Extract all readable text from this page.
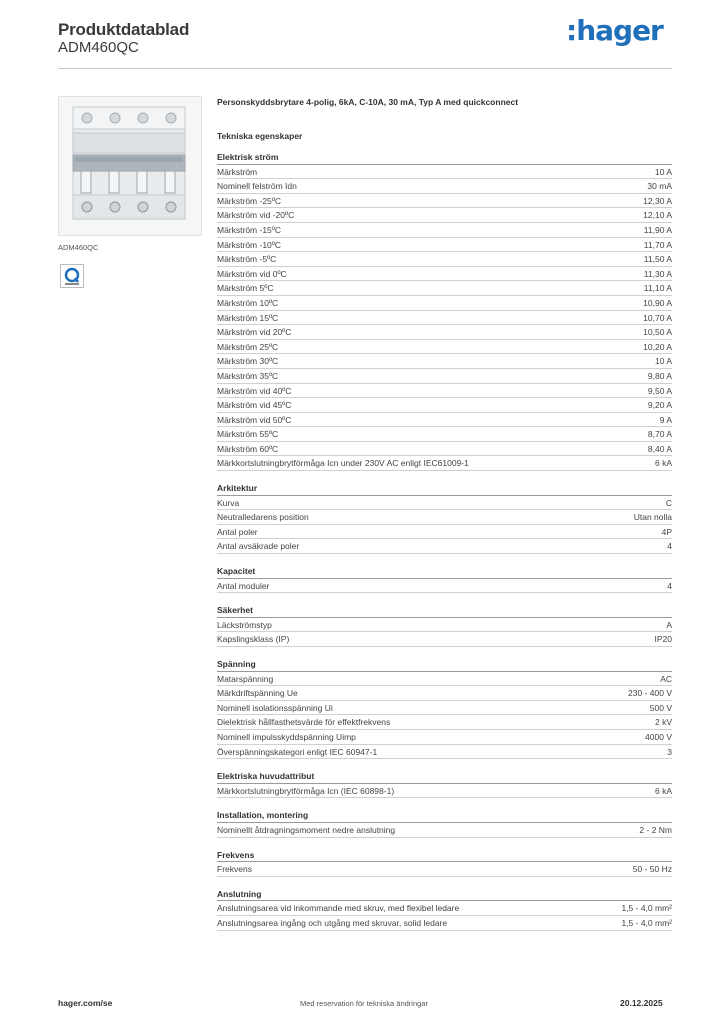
Produktdatablad
ADM460QC
:hager
ADM460QC
Personskyddsbrytare 4-polig, 6kA, C-10A, 30 mA, Typ A med quickconnect
Tekniska egenskaper
Elektrisk ström
Märkström	10 A
Nominell felström Idn	30 mA
Märkström -25ºC	12,30 A
Märkström vid -20ºC	12,10 A
Märkström -15ºC	11,90 A
Märkström -10ºC	11,70 A
Märkström -5ºC	11,50 A
Märkström vid 0ºC	11,30 A
Märkström 5ºC	11,10 A
Märkström 10ºC	10,90 A
Märkström 15ºC	10,70 A
Märkström vid 20ºC	10,50 A
Märkström 25ºC	10,20 A
Märkström 30ºC	10 A
Märkström 35ºC	9,80 A
Märkström vid 40ºC	9,50 A
Märkström vid 45ºC	9,20 A
Märkström vid 50ºC	9 A
Märkström 55ºC	8,70 A
Märkström 60ºC	8,40 A
Märkkortslutningbrytförmåga Icn under 230V AC enligt IEC61009-1	6 kA
Arkitektur
Kurva	C
Neutralledarens position	Utan nolla
Antal poler	4P
Antal avsäkrade poler	4
Kapacitet
Antal moduler	4
Säkerhet
Läckströmstyp	A
Kapslingsklass (IP)	IP20
Spänning
Matarspänning	AC
Märkdriftspänning Ue	230 - 400 V
Nominell isolationsspänning Ui	500 V
Dielektrisk hållfasthetsvärde för effektfrekvens	2 kV
Nominell impulsskyddspänning Uimp	4000 V
Överspänningskategori enligt IEC 60947-1	3
Elektriska huvudattribut
Märkkortslutningbrytförmåga Icn (IEC 60898-1)	6 kA
Installation, montering
Nominellt åtdragningsmoment nedre anslutning	2 - 2 Nm
Frekvens
Frekvens	50 - 50 Hz
Anslutning
Anslutningsarea vid inkommande med skruv, med flexibel ledare	1,5 - 4,0 mm²
Anslutningsarea ingång och utgång med skruvar, solid ledare	1,5 - 4,0 mm²
hager.com/se	Med reservation för tekniska ändringar	20.12.2025
